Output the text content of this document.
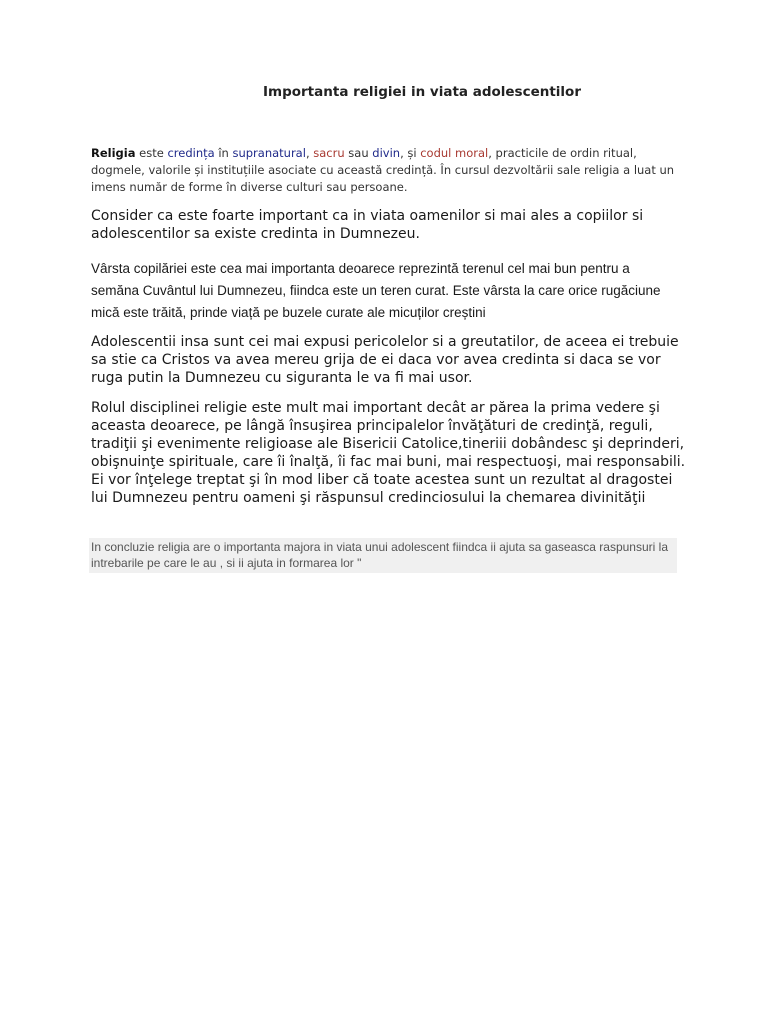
Importanta religiei in viata adolescentilor

Religia este credința în supranatural, sacru sau divin, și codul moral, practicile de ordin ritual, dogmele, valorile și instituțiile asociate cu această credință. În cursul dezvoltării sale religia a luat un imens număr de forme în diverse culturi sau persoane.

Consider ca este foarte important ca in viata oamenilor si mai ales a copiilor si adolescentilor sa existe credinta in Dumnezeu.

Vârsta copilăriei este cea mai importanta deoarece reprezintă terenul cel mai bun pentru a semăna Cuvântul lui Dumnezeu, fiindca este un teren curat. Este vârsta la care orice rugăciune mică este trăită, prinde viață pe buzele curate ale micuților creștini

Adolescentii insa sunt cei mai expusi pericolelor si a greutatilor, de aceea ei trebuie sa stie ca Cristos va avea mereu grija de ei daca vor avea credinta si daca se vor ruga putin la Dumnezeu cu siguranta le va fi mai usor.

Rolul disciplinei religie este mult mai important decât ar părea la prima vedere şi aceasta deoarece, pe lângă însuşirea principalelor învăţături de credinţă, reguli, tradiţii şi evenimente religioase ale Bisericii Catolice,tineriii dobândesc şi deprinderi, obişnuinţe spirituale, care îi înalţă, îi fac mai buni, mai respectuoşi, mai responsabili. Ei vor înţelege treptat şi în mod liber că toate acestea sunt un rezultat al dragostei lui Dumnezeu pentru oameni şi răspunsul credinciosului la chemarea divinităţii

In concluzie religia are o importanta majora in viata unui adolescent fiindca ii ajuta sa gaseasca raspunsuri la intrebarile pe care le au , si ii ajuta in formarea lor "
